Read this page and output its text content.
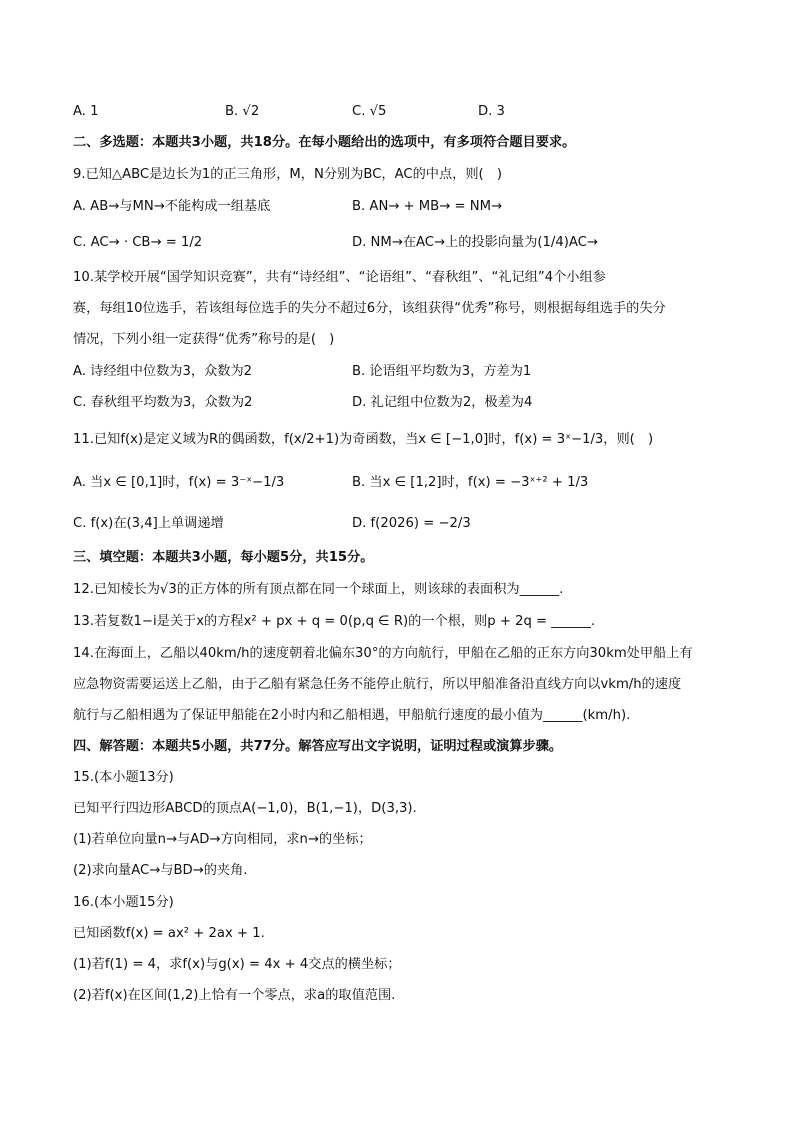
A. 1	B. √2	C. √5	D. 3
二、多选题：本题共3小题，共18分。在每小题给出的选项中，有多项符合题目要求。
9.已知△ABC是边长为1的正三角形，M，N分别为BC，AC的中点，则(　)
A. AB→与MN→不能构成一组基底	B. AN→ + MB→ = NM→
C. AC→ · CB→ = 1/2	D. NM→在AC→上的投影向量为(1/4)AC→
10.某学校开展“国学知识竞赛”，共有“诗经组”、“论语组”、“春秋组”、“礼记组”4个小组参
赛，每组10位选手，若该组每位选手的失分不超过6分，该组获得“优秀”称号，则根据每组选手的失分
情况，下列小组一定获得“优秀”称号的是(　)
A. 诗经组中位数为3，众数为2	B. 论语组平均数为3，方差为1
C. 春秋组平均数为3，众数为2	D. 礼记组中位数为2，极差为4
11.已知f(x)是定义域为R的偶函数，f(x/2+1)为奇函数，当x ∈ [−1,0]时，f(x) = 3ˣ−1/3，则(　)
A. 当x ∈ [0,1]时，f(x) = 3⁻ˣ−1/3	B. 当x ∈ [1,2]时，f(x) = −3ˣ⁺² + 1/3
C. f(x)在(3,4]上单调递增	D. f(2026) = −2/3
三、填空题：本题共3小题，每小题5分，共15分。
12.已知棱长为√3的正方体的所有顶点都在同一个球面上，则该球的表面积为______.
13.若复数1−i是关于x的方程x² + px + q = 0(p,q ∈ R)的一个根，则p + 2q = ______.
14.在海面上，乙船以40km/h的速度朝着北偏东30°的方向航行，甲船在乙船的正东方向30km处甲船上有
应急物资需要运送上乙船，由于乙船有紧急任务不能停止航行，所以甲船准备沿直线方向以vkm/h的速度
航行与乙船相遇为了保证甲船能在2小时内和乙船相遇，甲船航行速度的最小值为______(km/h).
四、解答题：本题共5小题，共77分。解答应写出文字说明，证明过程或演算步骤。
15.(本小题13分)
已知平行四边形ABCD的顶点A(−1,0)，B(1,−1)，D(3,3).
(1)若单位向量n→与AD→方向相同，求n→的坐标；
(2)求向量AC→与BD→的夹角.
16.(本小题15分)
已知函数f(x) = ax² + 2ax + 1.
(1)若f(1) = 4，求f(x)与g(x) = 4x + 4交点的横坐标；
(2)若f(x)在区间(1,2)上恰有一个零点，求a的取值范围.
